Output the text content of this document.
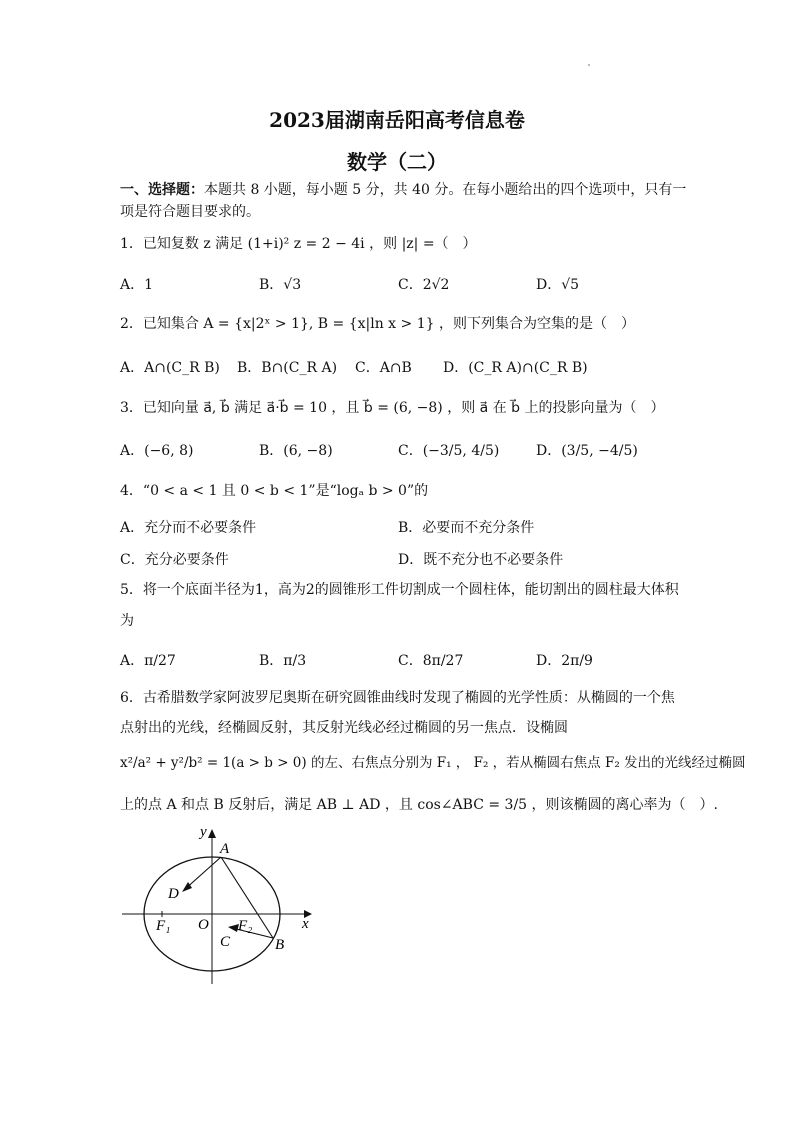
2023届湖南岳阳高考信息卷
数学（二）
一、选择题：本题共 8 小题，每小题 5 分，共 40 分。在每小题给出的四个选项中，只有一
项是符合题目要求的。
1．已知复数 z 满足 (1+i)² z = 2 − 4i ，则 |z| =（　）
A．1	B．√3	C．2√2	D．√5
2．已知集合 A = {x|2ˣ > 1}, B = {x|ln x > 1} ，则下列集合为空集的是（　）
A．A∩(C_R B) B．B∩(C_R A) C．A∩B D．(C_R A)∩(C_R B)
3．已知向量 a⃗, b⃗ 满足 a⃗·b⃗ = 10 ，且 b⃗ = (6, −8) ，则 a⃗ 在 b⃗ 上的投影向量为（　）
A．(−6, 8)	B．(6, −8)	C．(−3/5, 4/5)	D．(3/5, −4/5)
4．“0 < a < 1 且 0 < b < 1”是“logₐ b > 0”的
A．充分而不必要条件	B．必要而不充分条件
C．充分必要条件	D．既不充分也不必要条件
5．将一个底面半径为1，高为2的圆锥形工件切割成一个圆柱体，能切割出的圆柱最大体积
为
A．π/27	B．π/3	C．8π/27	D．2π/9
6．古希腊数学家阿波罗尼奥斯在研究圆锥曲线时发现了椭圆的光学性质：从椭圆的一个焦
点射出的光线，经椭圆反射，其反射光线必经过椭圆的另一焦点．设椭圆
x²/a² + y²/b² = 1(a > b > 0) 的左、右焦点分别为 F₁ ， F₂ ，若从椭圆右焦点 F₂ 发出的光线经过椭圆
上的点 A 和点 B 反射后，满足 AB ⊥ AD ，且 cos∠ABC = 3/5 ，则该椭圆的离心率为（　）.
y
x
A
D
O
F₁	F₂
C	B
